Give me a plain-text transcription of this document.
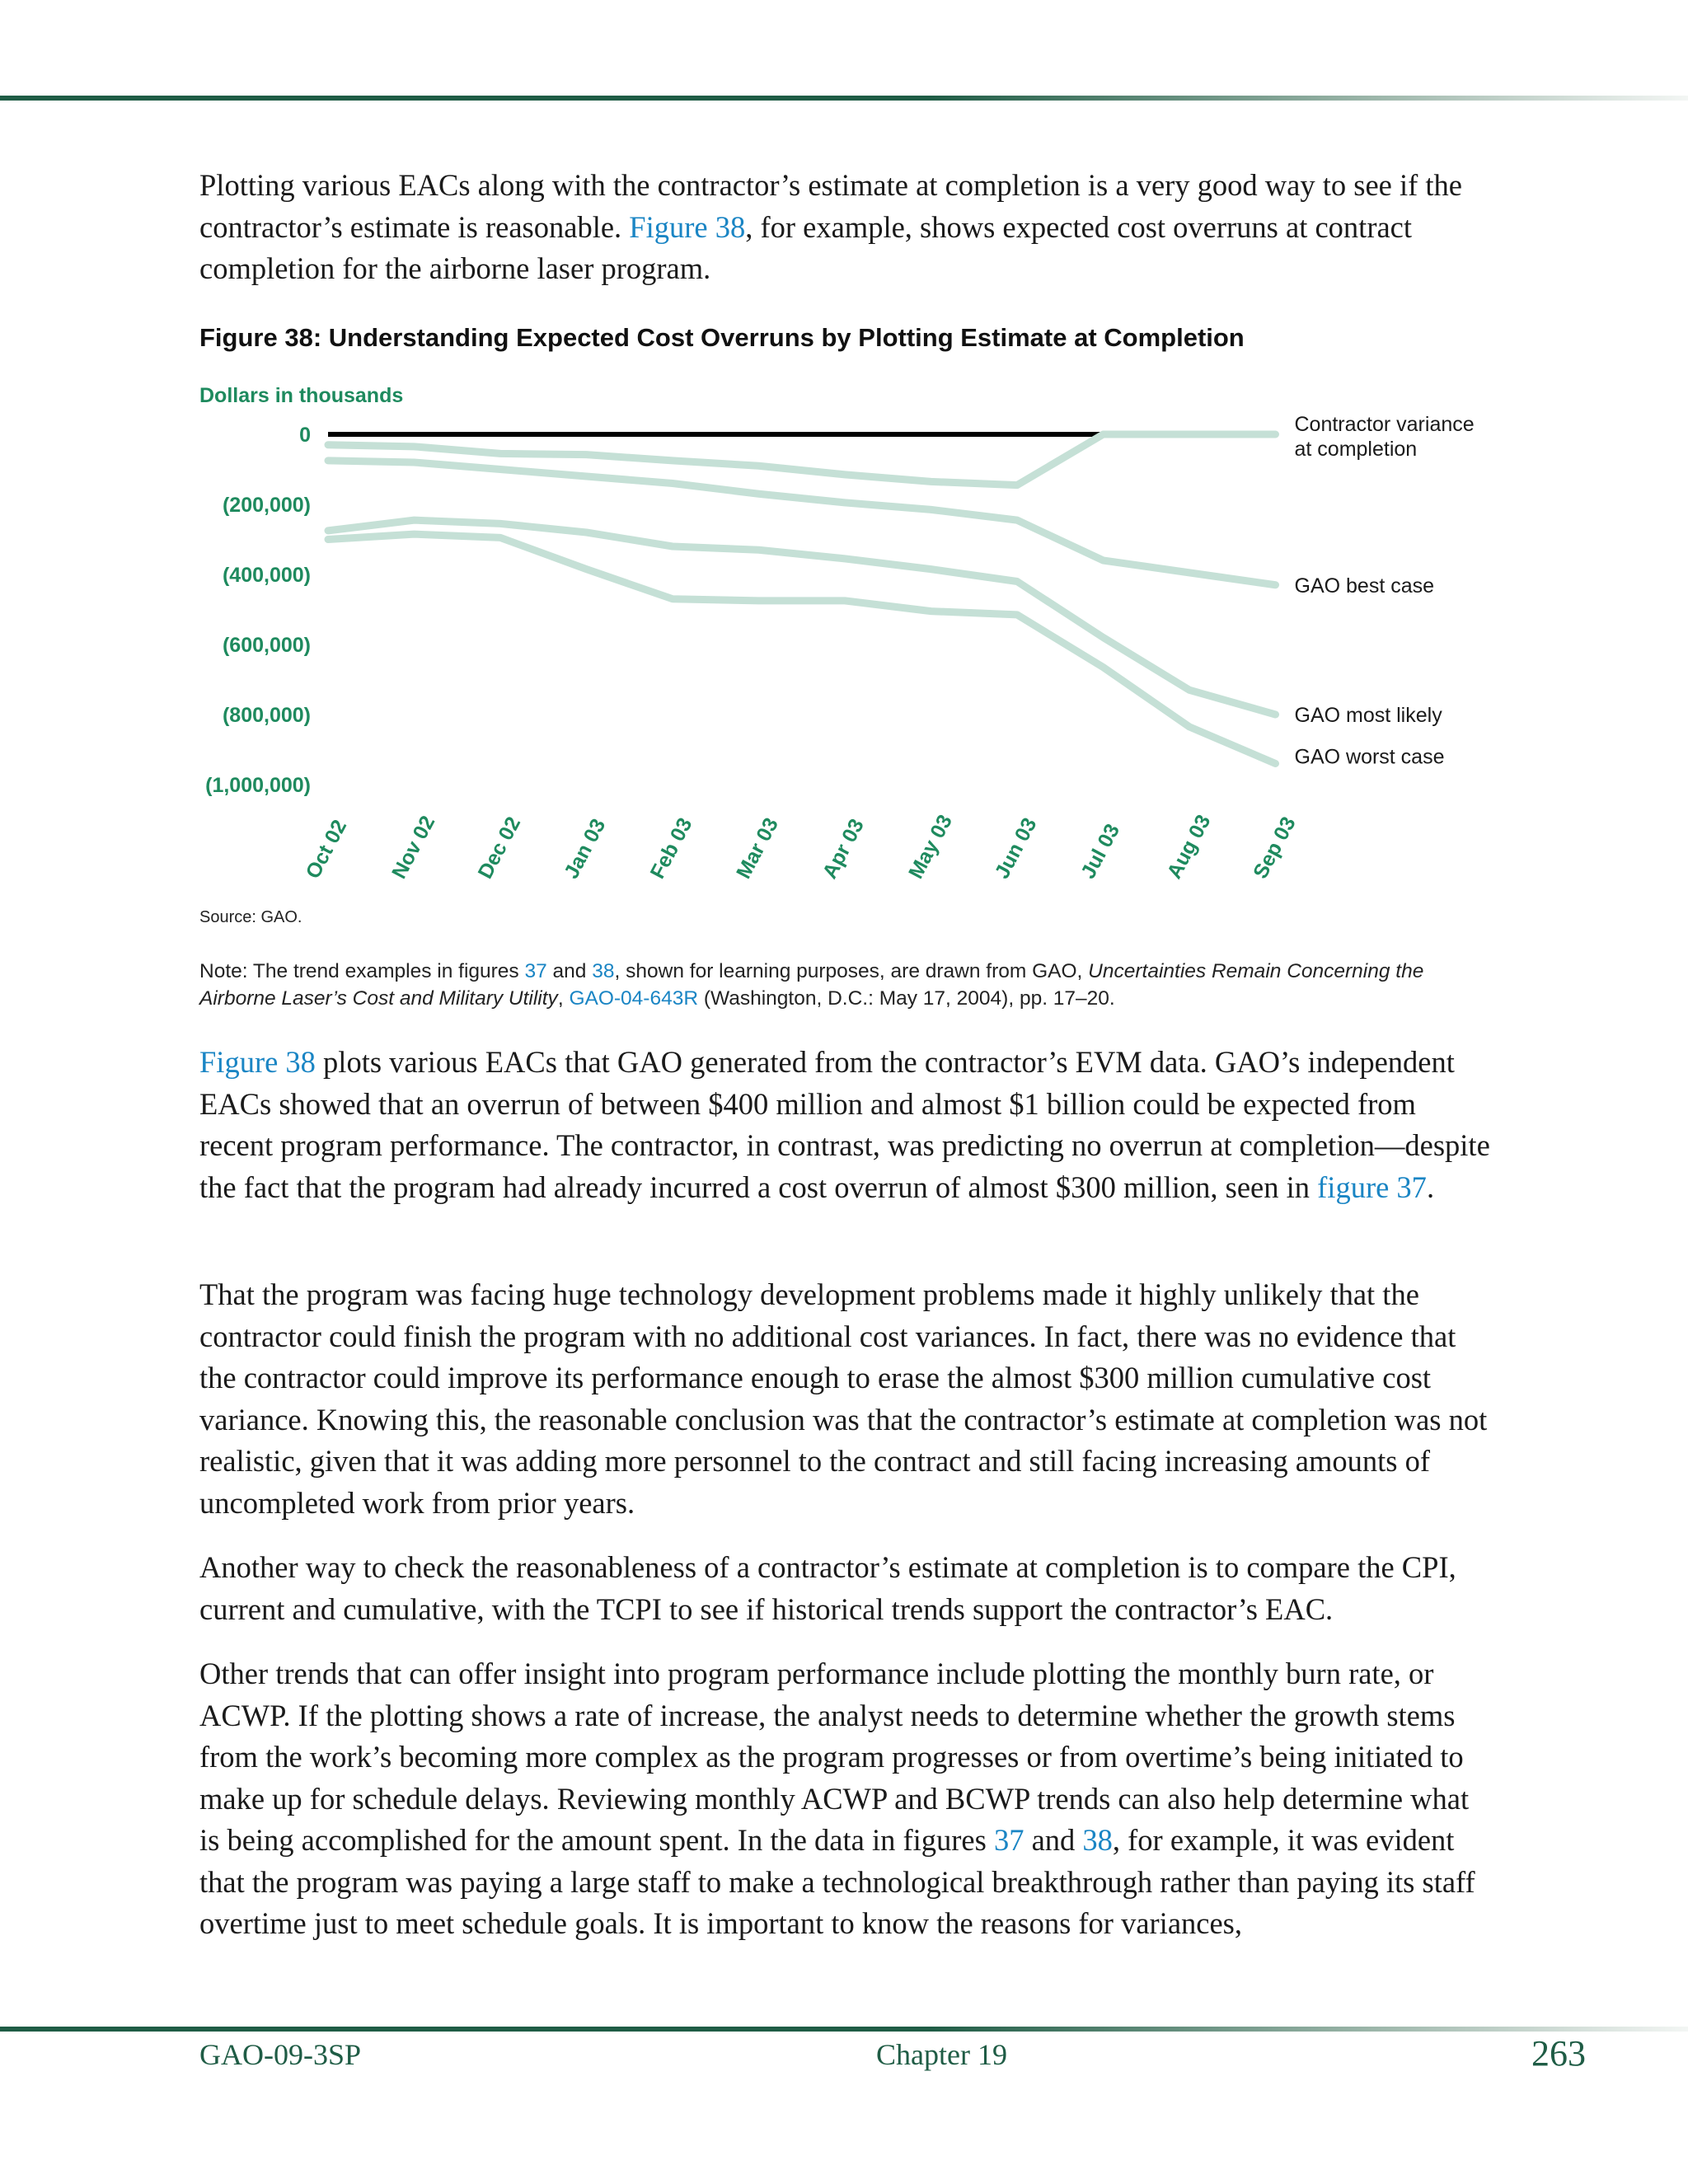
Plotting various EACs along with the contractor’s estimate at completion is a very good way to see if the contractor’s estimate is reasonable. Figure 38, for example, shows expected cost overruns at contract completion for the airborne laser program.

Figure 38: Understanding Expected Cost Overruns by Plotting Estimate at Completion
Dollars in thousands
0
(200,000)
(400,000)
(600,000)
(800,000)
(1,000,000)
Oct 02 Nov 02 Dec 02 Jan 03 Feb 03 Mar 03 Apr 03 May 03 Jun 03 Jul 03 Aug 03 Sep 03
Contractor variance at completion
GAO best case
GAO most likely
GAO worst case

Source: GAO.

Note: The trend examples in figures 37 and 38, shown for learning purposes, are drawn from GAO, Uncertainties Remain Concerning the Airborne Laser’s Cost and Military Utility, GAO-04-643R (Washington, D.C.: May 17, 2004), pp. 17–20.

Figure 38 plots various EACs that GAO generated from the contractor’s EVM data. GAO’s independent EACs showed that an overrun of between $400 million and almost $1 billion could be expected from recent program performance. The contractor, in contrast, was predicting no overrun at completion—despite the fact that the program had already incurred a cost overrun of almost $300 million, seen in figure 37.

That the program was facing huge technology development problems made it highly unlikely that the contractor could finish the program with no additional cost variances. In fact, there was no evidence that the contractor could improve its performance enough to erase the almost $300 million cumulative cost variance. Knowing this, the reasonable conclusion was that the contractor’s estimate at completion was not realistic, given that it was adding more personnel to the contract and still facing increasing amounts of uncompleted work from prior years.

Another way to check the reasonableness of a contractor’s estimate at completion is to compare the CPI, current and cumulative, with the TCPI to see if historical trends support the contractor’s EAC.

Other trends that can offer insight into program performance include plotting the monthly burn rate, or ACWP. If the plotting shows a rate of increase, the analyst needs to determine whether the growth stems from the work’s becoming more complex as the program progresses or from overtime’s being initiated to make up for schedule delays. Reviewing monthly ACWP and BCWP trends can also help determine what is being accomplished for the amount spent. In the data in figures 37 and 38, for example, it was evident that the program was paying a large staff to make a technological breakthrough rather than paying its staff overtime just to meet schedule goals. It is important to know the reasons for variances,

GAO-09-3SP	Chapter 19	263
